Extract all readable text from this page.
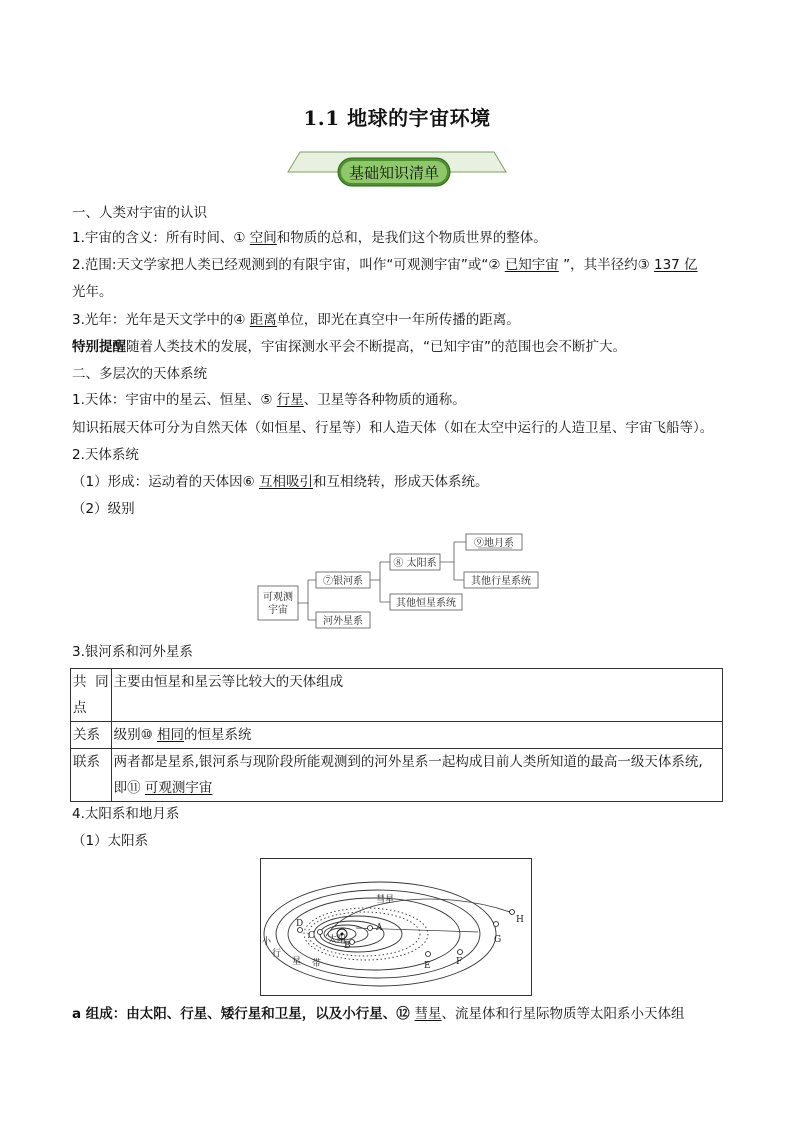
1.1 地球的宇宙环境
基础知识清单
一、人类对宇宙的认识
1.宇宙的含义：所有时间、① 空间和物质的总和，是我们这个物质世界的整体。
2.范围:天文学家把人类已经观测到的有限宇宙，叫作“可观测宇宙”或“② 已知宇宙 ”，其半径约③ 137 亿
光年。
3.光年：光年是天文学中的④ 距离单位，即光在真空中一年所传播的距离。
特别提醒随着人类技术的发展，宇宙探测水平会不断提高，“已知宇宙”的范围也会不断扩大。
二、多层次的天体系统
1.天体：宇宙中的星云、恒星、⑤ 行星、卫星等各种物质的通称。
知识拓展天体可分为自然天体（如恒星、行星等）和人造天体（如在太空中运行的人造卫星、宇宙飞船等）。
2.天体系统
（1）形成：运动着的天体因⑥ 互相吸引和互相绕转，形成天体系统。
（2）级别
可观测
宇宙
⑦银河系
河外星系
⑧ 太阳系
其他恒星系统
⑨地月系
其他行星系统
3.银河系和河外星系
共 同
点	主要由恒星和星云等比较大的天体组成
关系	级别⑩ 相同的恒星系统
联系	两者都是星系,银河系与现阶段所能观测到的河外星系一起构成目前人类所知道的最高一级天体系统,
即⑪ 可观测宇宙
4.太阳系和地月系
（1）太阳系
A
B
C
D
E	F
G
H
太阳
彗星
小
行
星 带
a 组成：由太阳、行星、矮行星和卫星，以及小行星、⑫ 彗星、流星体和行星际物质等太阳系小天体组
